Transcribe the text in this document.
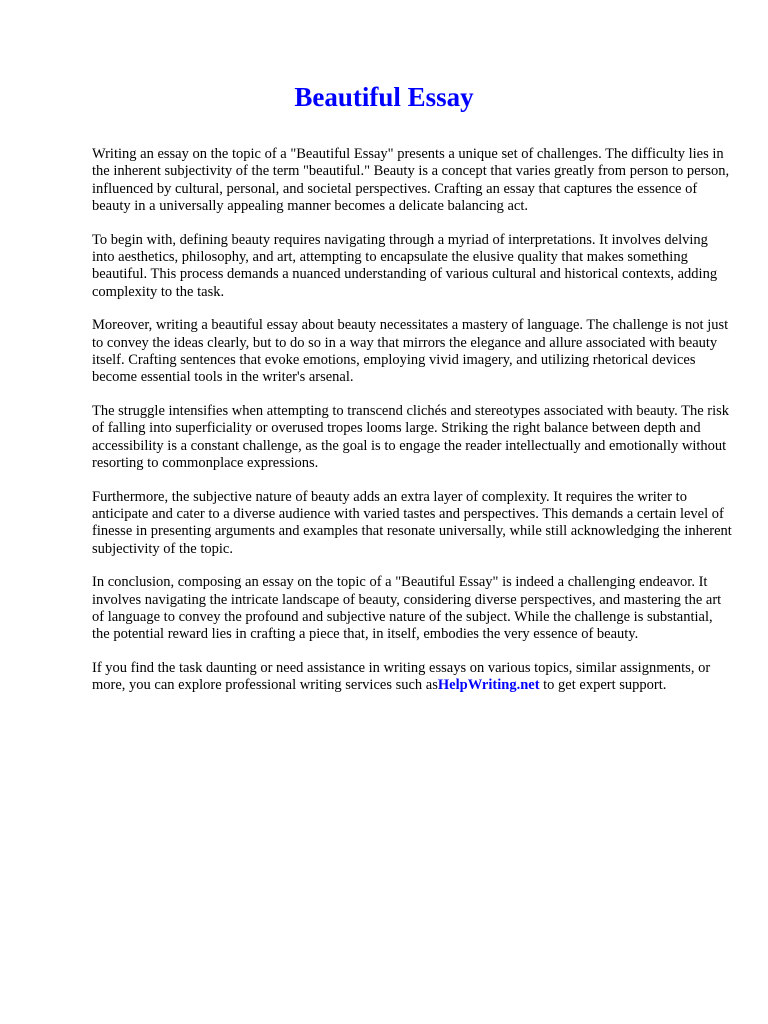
Beautiful Essay

Writing an essay on the topic of a "Beautiful Essay" presents a unique set of challenges. The difficulty lies in the inherent subjectivity of the term "beautiful." Beauty is a concept that varies greatly from person to person, influenced by cultural, personal, and societal perspectives. Crafting an essay that captures the essence of beauty in a universally appealing manner becomes a delicate balancing act.

To begin with, defining beauty requires navigating through a myriad of interpretations. It involves delving into aesthetics, philosophy, and art, attempting to encapsulate the elusive quality that makes something beautiful. This process demands a nuanced understanding of various cultural and historical contexts, adding complexity to the task.

Moreover, writing a beautiful essay about beauty necessitates a mastery of language. The challenge is not just to convey the ideas clearly, but to do so in a way that mirrors the elegance and allure associated with beauty itself. Crafting sentences that evoke emotions, employing vivid imagery, and utilizing rhetorical devices become essential tools in the writer's arsenal.

The struggle intensifies when attempting to transcend clichés and stereotypes associated with beauty. The risk of falling into superficiality or overused tropes looms large. Striking the right balance between depth and accessibility is a constant challenge, as the goal is to engage the reader intellectually and emotionally without resorting to commonplace expressions.

Furthermore, the subjective nature of beauty adds an extra layer of complexity. It requires the writer to anticipate and cater to a diverse audience with varied tastes and perspectives. This demands a certain level of finesse in presenting arguments and examples that resonate universally, while still acknowledging the inherent subjectivity of the topic.

In conclusion, composing an essay on the topic of a "Beautiful Essay" is indeed a challenging endeavor. It involves navigating the intricate landscape of beauty, considering diverse perspectives, and mastering the art of language to convey the profound and subjective nature of the subject. While the challenge is substantial, the potential reward lies in crafting a piece that, in itself, embodies the very essence of beauty.

If you find the task daunting or need assistance in writing essays on various topics, similar assignments, or more, you can explore professional writing services such asHelpWriting.net to get expert support.
